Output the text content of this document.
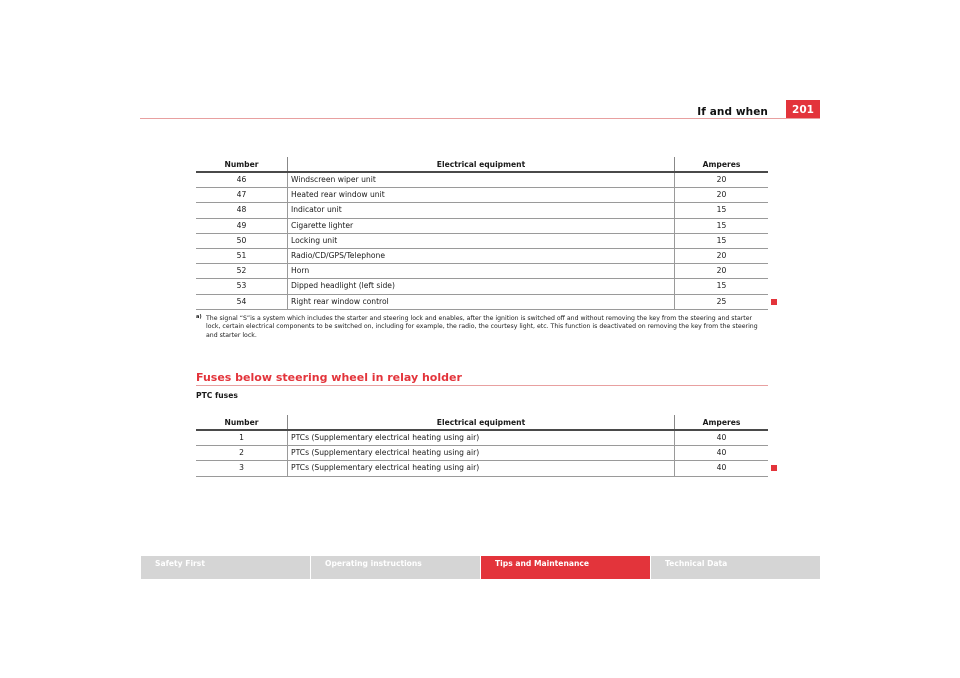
If and when	201
Number	Electrical equipment	Amperes
46	Windscreen wiper unit	20
47	Heated rear window unit	20
48	Indicator unit	15
49	Cigarette lighter	15
50	Locking unit	15
51	Radio/CD/GPS/Telephone	20
52	Horn	20
53	Dipped headlight (left side)	15
54	Right rear window control	25
a) The signal “S”is a system which includes the starter and steering lock and enables, after the ignition is switched off and without removing the key from the steering and starter lock, certain electrical components to be switched on, including for example, the radio, the courtesy light, etc. This function is deactivated on removing the key from the steering and starter lock.
Fuses below steering wheel in relay holder
PTC fuses
Number	Electrical equipment	Amperes
1	PTCs (Supplementary electrical heating using air)	40
2	PTCs (Supplementary electrical heating using air)	40
3	PTCs (Supplementary electrical heating using air)	40
Safety First	Operating instructions	Tips and Maintenance	Technical Data
